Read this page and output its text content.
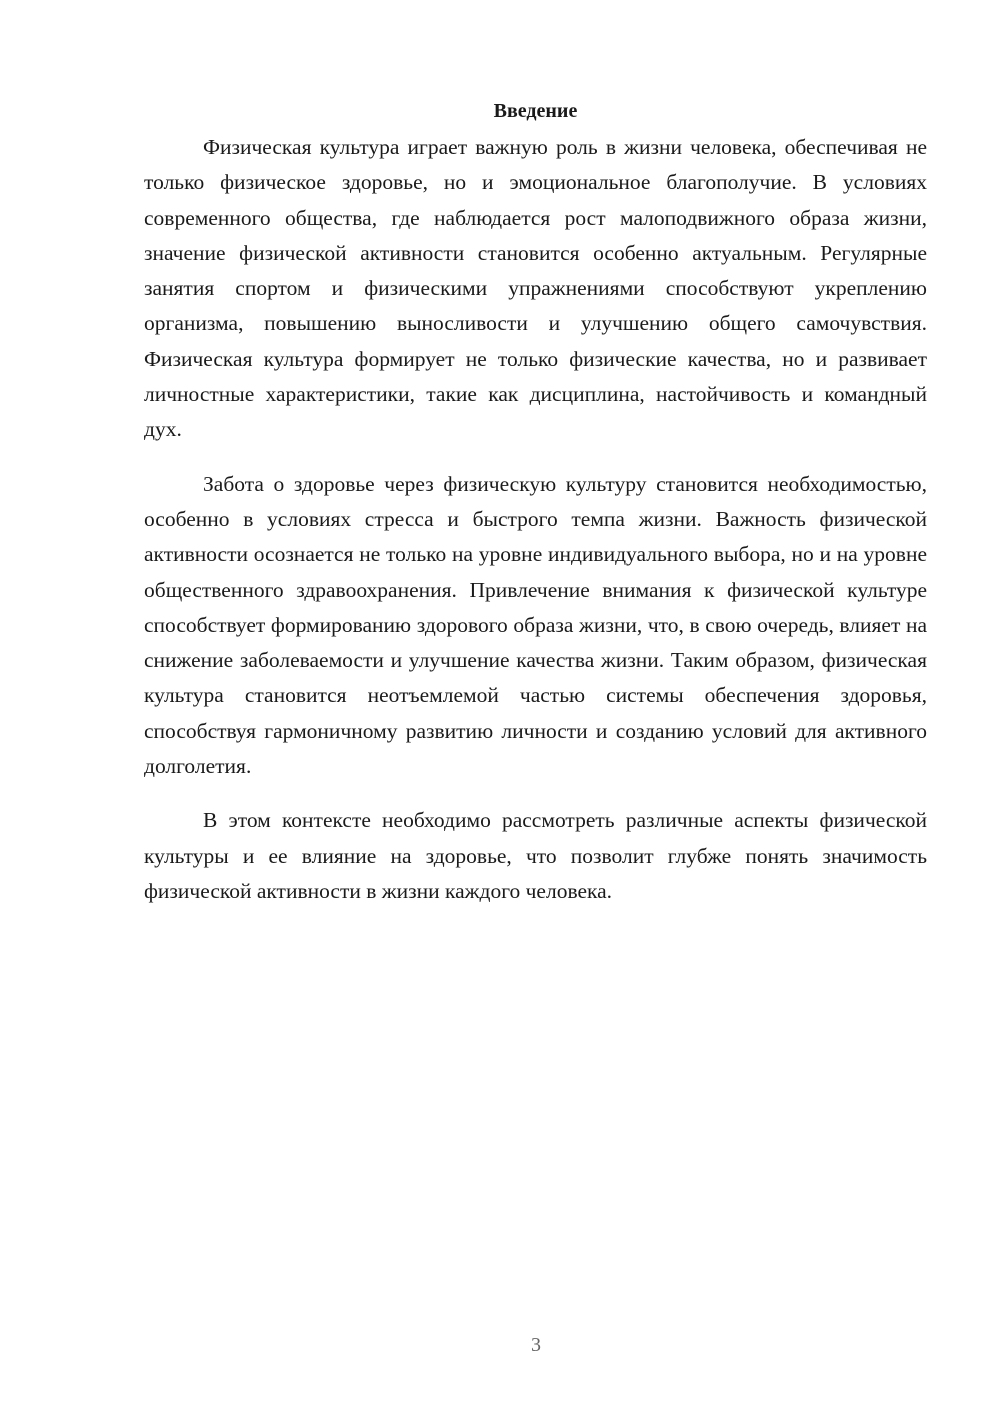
Введение

Физическая культура играет важную роль в жизни человека, обеспечивая не только физическое здоровье, но и эмоциональное благополучие. В условиях современного общества, где наблюдается рост малоподвижного образа жизни, значение физической активности становится особенно актуальным. Регулярные занятия спортом и физическими упражнениями способствуют укреплению организма, повышению выносливости и улучшению общего самочувствия. Физическая культура формирует не только физические качества, но и развивает личностные характеристики, такие как дисциплина, настойчивость и командный дух.

Забота о здоровье через физическую культуру становится необходимостью, особенно в условиях стресса и быстрого темпа жизни. Важность физической активности осознается не только на уровне индивидуального выбора, но и на уровне общественного здравоохранения. Привлечение внимания к физической культуре способствует формированию здорового образа жизни, что, в свою очередь, влияет на снижение заболеваемости и улучшение качества жизни. Таким образом, физическая культура становится неотъемлемой частью системы обеспечения здоровья, способствуя гармоничному развитию личности и созданию условий для активного долголетия.

В этом контексте необходимо рассмотреть различные аспекты физической культуры и ее влияние на здоровье, что позволит глубже понять значимость физической активности в жизни каждого человека.

3
